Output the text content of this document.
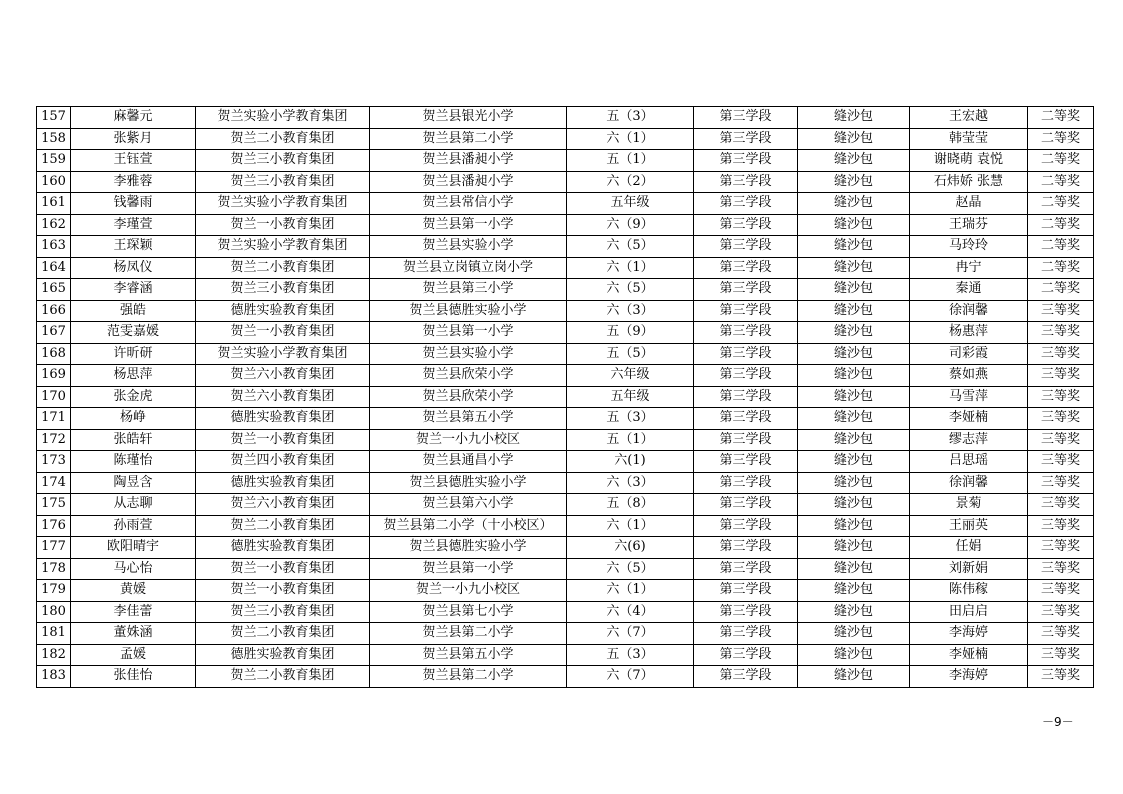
157	麻馨元	贺兰实验小学教育集团	贺兰县银光小学	五（3）	第三学段	缝沙包	王宏越	二等奖
158	张紫月	贺兰二小教育集团	贺兰县第二小学	六（1）	第三学段	缝沙包	韩莹莹	二等奖
159	王钰萱	贺兰三小教育集团	贺兰县潘昶小学	五（1）	第三学段	缝沙包	谢晓萌 袁悦	二等奖
160	李雅蓉	贺兰三小教育集团	贺兰县潘昶小学	六（2）	第三学段	缝沙包	石炜娇 张慧	二等奖
161	钱馨雨	贺兰实验小学教育集团	贺兰县常信小学	五年级	第三学段	缝沙包	赵晶	二等奖
162	李瑾萱	贺兰一小教育集团	贺兰县第一小学	六（9）	第三学段	缝沙包	王瑞芬	二等奖
163	王琛颖	贺兰实验小学教育集团	贺兰县实验小学	六（5）	第三学段	缝沙包	马玲玲	二等奖
164	杨凤仪	贺兰二小教育集团	贺兰县立岗镇立岗小学	六（1）	第三学段	缝沙包	冉宁	二等奖
165	李睿涵	贺兰三小教育集团	贺兰县第三小学	六（5）	第三学段	缝沙包	秦通	二等奖
166	强皓	德胜实验教育集团	贺兰县德胜实验小学	六（3）	第三学段	缝沙包	徐润馨	三等奖
167	范雯嘉媛	贺兰一小教育集团	贺兰县第一小学	五（9）	第三学段	缝沙包	杨惠萍	三等奖
168	许昕研	贺兰实验小学教育集团	贺兰县实验小学	五（5）	第三学段	缝沙包	司彩霞	三等奖
169	杨思萍	贺兰六小教育集团	贺兰县欣荣小学	六年级	第三学段	缝沙包	蔡如燕	三等奖
170	张金虎	贺兰六小教育集团	贺兰县欣荣小学	五年级	第三学段	缝沙包	马雪萍	三等奖
171	杨峥	德胜实验教育集团	贺兰县第五小学	五（3）	第三学段	缝沙包	李娅楠	三等奖
172	张皓轩	贺兰一小教育集团	贺兰一小九小校区	五（1）	第三学段	缝沙包	缪志萍	三等奖
173	陈瑾怡	贺兰四小教育集团	贺兰县通昌小学	六(1)	第三学段	缝沙包	吕思瑶	三等奖
174	陶昱含	德胜实验教育集团	贺兰县德胜实验小学	六（3）	第三学段	缝沙包	徐润馨	三等奖
175	从志聊	贺兰六小教育集团	贺兰县第六小学	五（8）	第三学段	缝沙包	景菊	三等奖
176	孙雨萱	贺兰二小教育集团	贺兰县第二小学（十小校区）	六（1）	第三学段	缝沙包	王丽英	三等奖
177	欧阳晴宇	德胜实验教育集团	贺兰县德胜实验小学	六(6)	第三学段	缝沙包	任娟	三等奖
178	马心怡	贺兰一小教育集团	贺兰县第一小学	六（5）	第三学段	缝沙包	刘新娟	三等奖
179	黄媛	贺兰一小教育集团	贺兰一小九小校区	六（1）	第三学段	缝沙包	陈伟稼	三等奖
180	李佳蕾	贺兰三小教育集团	贺兰县第七小学	六（4）	第三学段	缝沙包	田启启	三等奖
181	董姝涵	贺兰二小教育集团	贺兰县第二小学	六（7）	第三学段	缝沙包	李海婷	三等奖
182	孟媛	德胜实验教育集团	贺兰县第五小学	五（3）	第三学段	缝沙包	李娅楠	三等奖
183	张佳怡	贺兰二小教育集团	贺兰县第二小学	六（7）	第三学段	缝沙包	李海婷	三等奖
－9－
